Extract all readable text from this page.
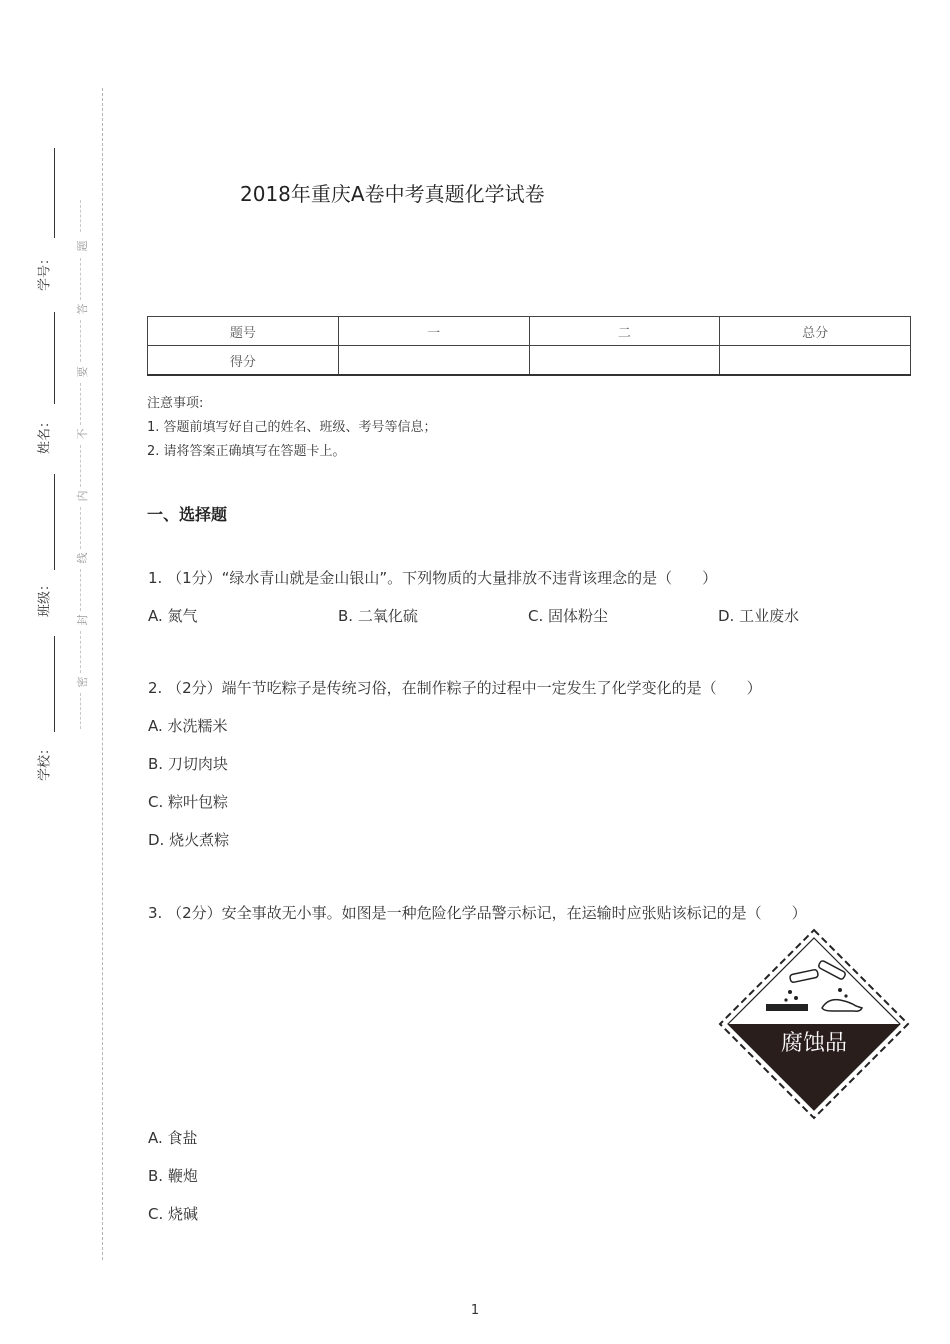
学号：
姓名：
班级：
学校：
题
答
要
不
内
线
封
密
2018年重庆A卷中考真题化学试卷
题号	一	二	总分
得分			
注意事项:
1. 答题前填写好自己的姓名、班级、考号等信息；
2. 请将答案正确填写在答题卡上。
一、选择题
1. （1分）“绿水青山就是金山银山”。下列物质的大量排放不违背该理念的是（　　）
A. 氮气	B. 二氧化硫	C. 固体粉尘	D. 工业废水
2. （2分）端午节吃粽子是传统习俗，在制作粽子的过程中一定发生了化学变化的是（　　）
A. 水洗糯米
B. 刀切肉块
C. 粽叶包粽
D. 烧火煮粽
3. （2分）安全事故无小事。如图是一种危险化学品警示标记，在运输时应张贴该标记的是（　　）
腐蚀品
A. 食盐
B. 鞭炮
C. 烧碱
1
